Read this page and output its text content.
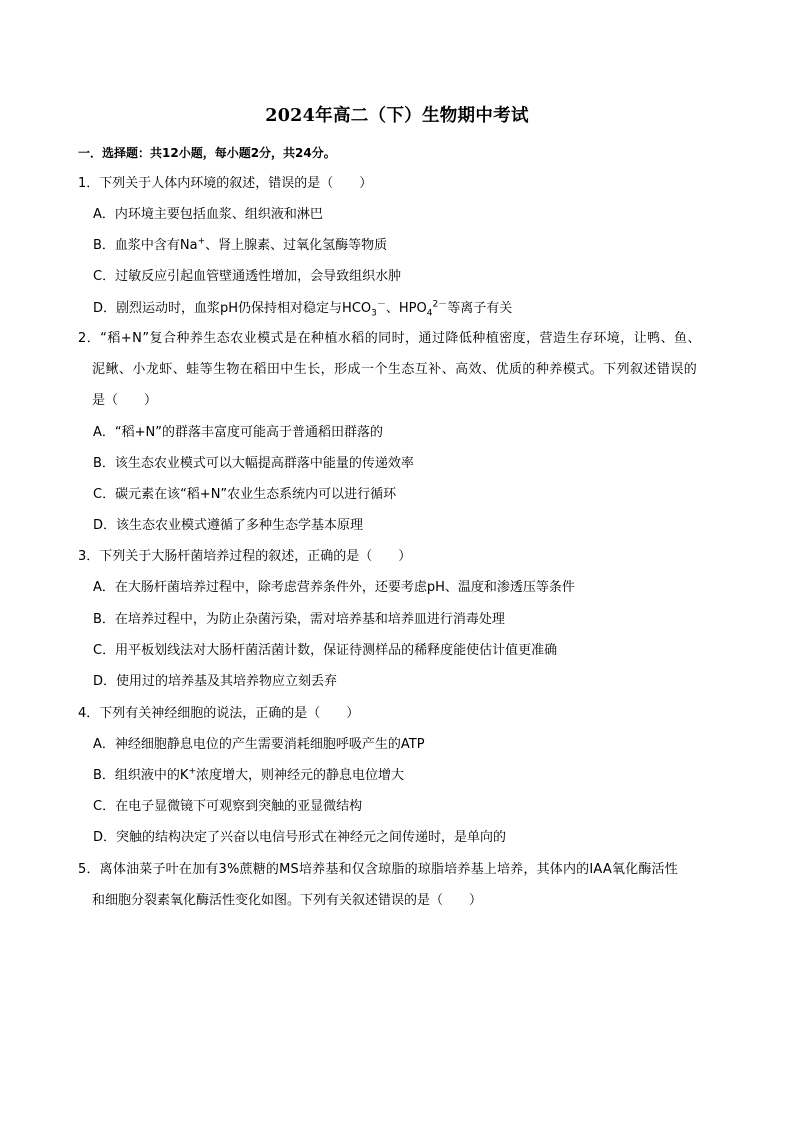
2024年高二（下）生物期中考试
一．选择题：共12小题，每小题2分，共24分。
1．下列关于人体内环境的叙述，错误的是（　　）
A．内环境主要包括血浆、组织液和淋巴
B．血浆中含有Na+、肾上腺素、过氧化氢酶等物质
C．过敏反应引起血管壁通透性增加，会导致组织水肿
D．剧烈运动时，血浆pH仍保持相对稳定与$HCO_3^-$、$HPO_4^{2-}$等离子有关
2．“稻+N”复合种养生态农业模式是在种植水稻的同时，通过降低种植密度，营造生存环境，让鸭、鱼、
泥鳅、小龙虾、蛙等生物在稻田中生长，形成一个生态互补、高效、优质的种养模式。下列叙述错误的
是（　　）
A．“稻+N”的群落丰富度可能高于普通稻田群落的
B．该生态农业模式可以大幅提高群落中能量的传递效率
C．碳元素在该“稻+N”农业生态系统内可以进行循环
D．该生态农业模式遵循了多种生态学基本原理
3．下列关于大肠杆菌培养过程的叙述，正确的是（　　）
A．在大肠杆菌培养过程中，除考虑营养条件外，还要考虑pH、温度和渗透压等条件
B．在培养过程中，为防止杂菌污染，需对培养基和培养皿进行消毒处理
C．用平板划线法对大肠杆菌活菌计数，保证待测样品的稀释度能使估计值更准确
D．使用过的培养基及其培养物应立刻丢弃
4．下列有关神经细胞的说法，正确的是（　　）
A．神经细胞静息电位的产生需要消耗细胞呼吸产生的ATP
B．组织液中的K+浓度增大，则神经元的静息电位增大
C．在电子显微镜下可观察到突触的亚显微结构
D．突触的结构决定了兴奋以电信号形式在神经元之间传递时，是单向的
5．离体油菜子叶在加有3%蔗糖的MS培养基和仅含琼脂的琼脂培养基上培养，其体内的IAA氧化酶活性
和细胞分裂素氧化酶活性变化如图。下列有关叙述错误的是（　　）
